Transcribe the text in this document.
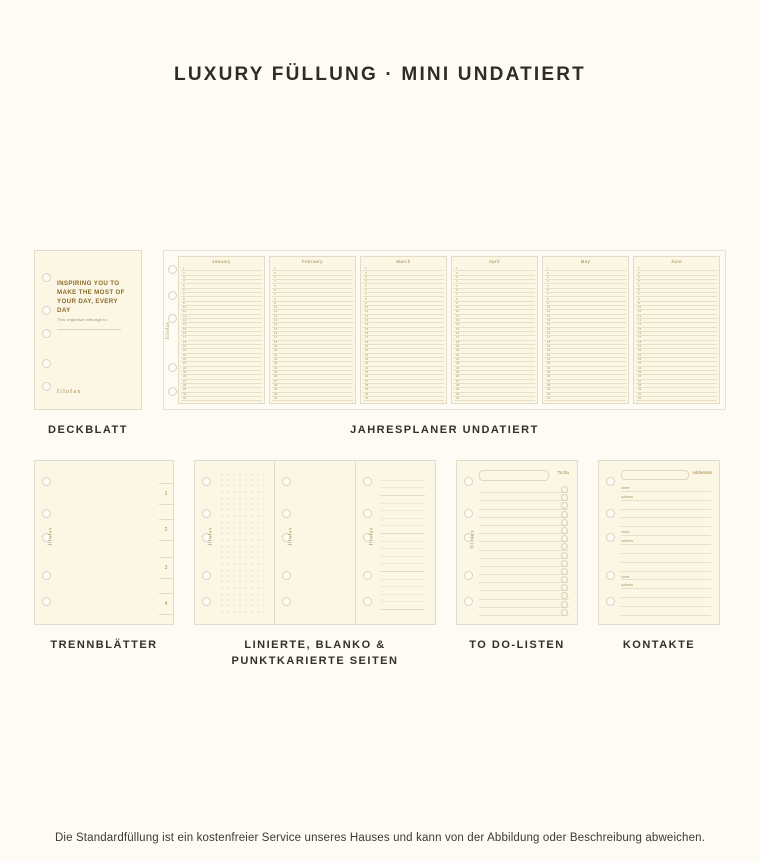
LUXURY FÜLLUNG · MINI UNDATIERT
INSPIRING YOU TO MAKE THE MOST OF YOUR DAY, EVERY DAY
This organiser belongs to
filofax
DECKBLATT
filofax
January
1
2
3
4
5
6
7
8
9
10
11
12
13
14
15
16
17
18
19
20
21
22
23
24
25
26
27
28
29
30
31
February
1
2
3
4
5
6
7
8
9
10
11
12
13
14
15
16
17
18
19
20
21
22
23
24
25
26
27
28
29
30
31
March
1
2
3
4
5
6
7
8
9
10
11
12
13
14
15
16
17
18
19
20
21
22
23
24
25
26
27
28
29
30
31
April
1
2
3
4
5
6
7
8
9
10
11
12
13
14
15
16
17
18
19
20
21
22
23
24
25
26
27
28
29
30
31
May
1
2
3
4
5
6
7
8
9
10
11
12
13
14
15
16
17
18
19
20
21
22
23
24
25
26
27
28
29
30
31
June
1
2
3
4
5
6
7
8
9
10
11
12
13
14
15
16
17
18
19
20
21
22
23
24
25
26
27
28
29
30
31
JAHRESPLANER UNDATIERT
filofax
1
2
3
4
TRENNBLÄTTER
filofax	filofax	filofax
LINIERTE, BLANKO &
PUNKTKARIERTE SEITEN
To Do
filofax
TO DO-LISTEN
Addresses
name
address
name
address
name
address
KONTAKTE
Die Standardfüllung ist ein kostenfreier Service unseres Hauses und kann von der Abbildung oder Beschreibung abweichen.
